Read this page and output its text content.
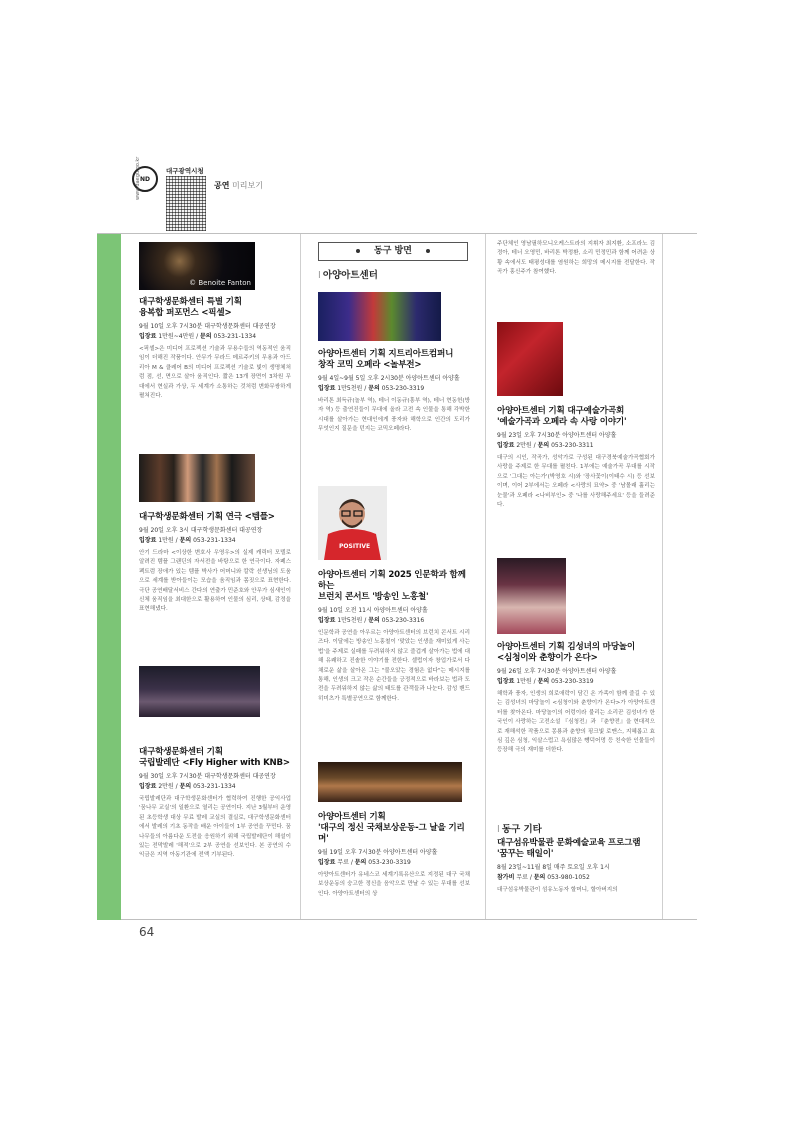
ND
대구광역시청
www.daegu.go.kr	공연 미리보기
64
© Benoite Fanton
대구학생문화센터 특별 기획
융복합 퍼포먼스 <픽셀>

9월 10일 오후 7시30분 대구학생문화센터 대공연장

입장료 1만원~4만원 / 문의 053-231-1334

<픽셀>은 미디어 프로젝션 기술과 무용수들의 역동적인 움직임이 더해진 작품이다. 안무가 무라드 메르주키의 무용과 아드리아 M & 클레어 B의 미디어 프로젝션 기술로 빛이 생명체처럼 점, 선, 면으로 살아 움직인다. 짧은 13개 장면이 3차원 무대에서 현실과 가상, 두 세계가 소통하는 것처럼 변화무쌍하게 펼쳐진다.

대구학생문화센터 기획 연극 <템플>

9월 20일 오후 3시 대구학생문화센터 대공연장

입장료 1만원 / 문의 053-231-1334

안기 드라마 <이상한 변호사 우영우>의 실제 캐릭터 모델로 알려진 템플 그랜딘의 자서전을 바탕으로 한 연극이다. 자폐스펙트럼 장애가 있는 템플 박사가 어머니와 칼락 선생님의 도움으로 세계를 받아들이는 모습을 움직임과 몸짓으로 표현한다. 극단 공연배달서비스 간다의 연출가 민준호와 안무가 심새인이 신체 움직임을 최대한으로 활용하여 인물의 심리, 상태, 감정을 표현해냈다.

대구학생문화센터 기획
국립발레단 <Fly Higher with KNB>

9월 30일 오후 7시30분 대구학생문화센터 대공연장

입장료 2만원 / 문의 053-231-1334

국립발레단과 대구학생문화센터가 협력하여 진행한 공익사업 '꿈나무 교실'의 일환으로 열리는 공연이다. 지난 3월부터 운영된 초등학생 대상 무료 발레 교실의 결실로, 대구학생문화센터에서 발레의 기초 동작을 배운 아이들이 1부 공연을 꾸민다. 꿈나무들의 아름다운 도전을 응원하기 위해 국립발레단이 해설이 있는 전막발레 '해적'으로 2부 공연을 선보인다. 본 공연의 수익금은 지역 아동기관에 전액 기부된다.

동구 방면
I 아양아트센터
아양아트센터 기획 지트리아트컴퍼니
창작 코믹 오페라 <놀부전>

9월 4일~9월 5일 오후 2시30분 아양아트센터 아양홀

입장료 1만5천원 / 문의 053-230-3319

바리톤 최득규(놀부 역), 테너 이동규(흥부 역), 테너 현동헌(방자 역) 등 출연진들이 무대에 올라 고전 속 인물을 통해 각박한 시대를 살아가는 현대인에게 풍자와 해학으로 인간의 도리가 무엇인지 질문을 던지는 코믹오페라다.

POSITIVE
아양아트센터 기획 2025 인문학과 함께하는
브런치 콘서트 '방송인 노홍철'

9월 10일 오전 11시 아양아트센터 아양홀

입장료 1만5천원 / 문의 053-230-3316

인문학과 공연을 아우르는 아양아트센터의 브런치 콘서트 시리즈다. 이달에는 방송인 노홍철이 '맞았는 인생을 재미있게 사는 법'을 주제로 실패를 두려워하지 않고 즐겁게 살아가는 법에 대해 유쾌하고 진솔한 이야기를 전한다. 셀럽이자 창업가로서 다채로운 삶을 살아온 그는 "불오았는 경험은 없다"는 메시지를 통해, 인생의 크고 작은 순간들을 긍정적으로 바라보는 법과 도전을 두려워하지 않는 삶의 태도를 관객들과 나눈다. 감성 밴드 히미츠가 특별공연으로 함께한다.

아양아트센터 기획
'대구의 정신 국채보상운동-그 날을 기리며'

9월 19일 오후 7시30분 아양아트센터 아양홀

입장료 무료 / 문의 053-230-3319

아양아트센터가 유네스코 세계기록유산으로 지정된 대구 국채보상운동의 숭고한 정신을 음악으로 만날 수 있는 무대를 선보인다. 아양아트센터의 상

주단체인 영남필하모니오케스트라의 지휘자 최지환, 소프라노 김정아, 테너 오영민, 바리톤 박정환, 소리 민정민과 함께 어려운 상황 속에서도 태평성대를 염원하는 희망의 메시지를 전달한다. 작곡가 홍신주가 참여했다.

아양아트센터 기획 대구예술가곡회
'예술가곡과 오페라 속 사랑 이야기'

9월 23일 오후 7시30분 아양아트센터 아양홀

입장료 2만원 / 문의 053-230-3311

대구의 시인, 작곡가, 성악가로 구성된 대구경북예술가곡협회가 사랑을 주제로 한 무대를 펼친다. 1부에는 예술가곡 무대를 시작으로 '그대는 아는가'(박영호 시)와 '장사꽃이(이태수 시) 등 선보이며, 이어 2부에서는 오페라 <사랑의 묘약> 중 '남몰래 흘리는 눈물'과 오페라 <나비부인> 중 '나를 사랑해주세요' 등을 들려준다.

아양아트센터 기획 김성녀의 마당놀이
<심청이와 춘향이가 온다>

9월 26일 오후 7시30분 아양아트센터 아양홀

입장료 1만원 / 문의 053-230-3319

해학과 풍자, 인생의 희로애락이 담긴 온 가족이 함께 즐길 수 있는 김성녀의 마당놀이 <심청이와 춘향이가 온다>가 아양아트센터를 찾아온다. 마당놀이의 어렁이라 불리는 소리꾼 김성녀가 한국인이 사랑하는 고전소설 『심청전』과 『춘향전』을 현대적으로 재해석한 작품으로 몽룡과 춘향의 핑크빛 로맨스, 지혜롭고 효심 깊은 심청, 익살스럽고 욕심많은 뺑덕어멍 등 친숙한 인물들이 등장해 극의 재미를 더한다.

I 동구 기타
대구섬유박물관 문화예술교육 프로그램
'꿈꾸는 태일이'

8월 23일~11월 8일 매주 토요일 오후 1시

참가비 무료 / 문의 053-980-1052

대구섬유박물관이 섬유노동자 할머니, 할아버지의
